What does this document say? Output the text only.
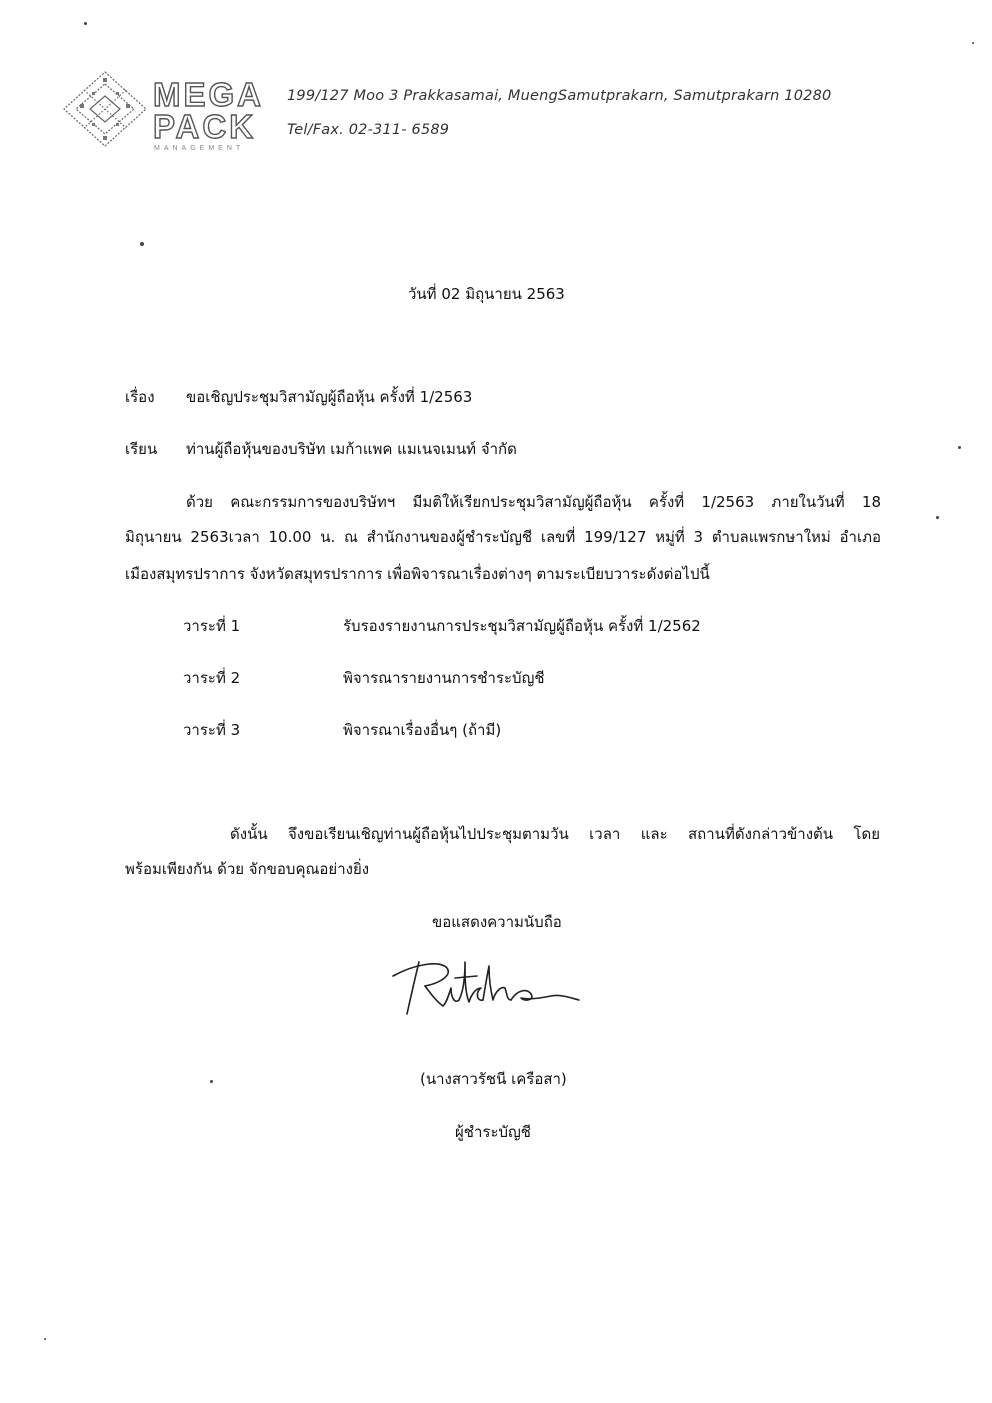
MEGA
PACK
MANAGEMENT
199/127 Moo 3 Prakkasamai, MuengSamutprakarn, Samutprakarn 10280
Tel/Fax. 02-311- 6589
วันที่ 02 มิถุนายน 2563
เรื่อง ขอเชิญประชุมวิสามัญผู้ถือหุ้น ครั้งที่ 1/2563
เรียน ท่านผู้ถือหุ้นของบริษัท เมก้าแพค แมเนจเมนท์ จำกัด
ด้วย คณะกรรมการของบริษัทฯ มีมติให้เรียกประชุมวิสามัญผู้ถือหุ้น ครั้งที่ 1/2563 ภายในวันที่ 18
มิถุนายน 2563เวลา 10.00 น. ณ สำนักงานของผู้ชำระบัญชี เลขที่ 199/127 หมู่ที่ 3 ตำบลแพรกษาใหม่ อำเภอ
เมืองสมุทรปราการ จังหวัดสมุทรปราการ เพื่อพิจารณาเรื่องต่างๆ ตามระเบียบวาระดังต่อไปนี้
วาระที่ 1	รับรองรายงานการประชุมวิสามัญผู้ถือหุ้น ครั้งที่ 1/2562
วาระที่ 2	พิจารณารายงานการชำระบัญชี
วาระที่ 3	พิจารณาเรื่องอื่นๆ (ถ้ามี)
ดังนั้น จึงขอเรียนเชิญท่านผู้ถือหุ้นไปประชุมตามวัน เวลา และ สถานที่ดังกล่าวข้างต้น โดย
พร้อมเพียงกัน ด้วย จักขอบคุณอย่างยิ่ง
ขอแสดงความนับถือ
(นางสาวรัชนี เครือสา)
ผู้ชำระบัญชี
